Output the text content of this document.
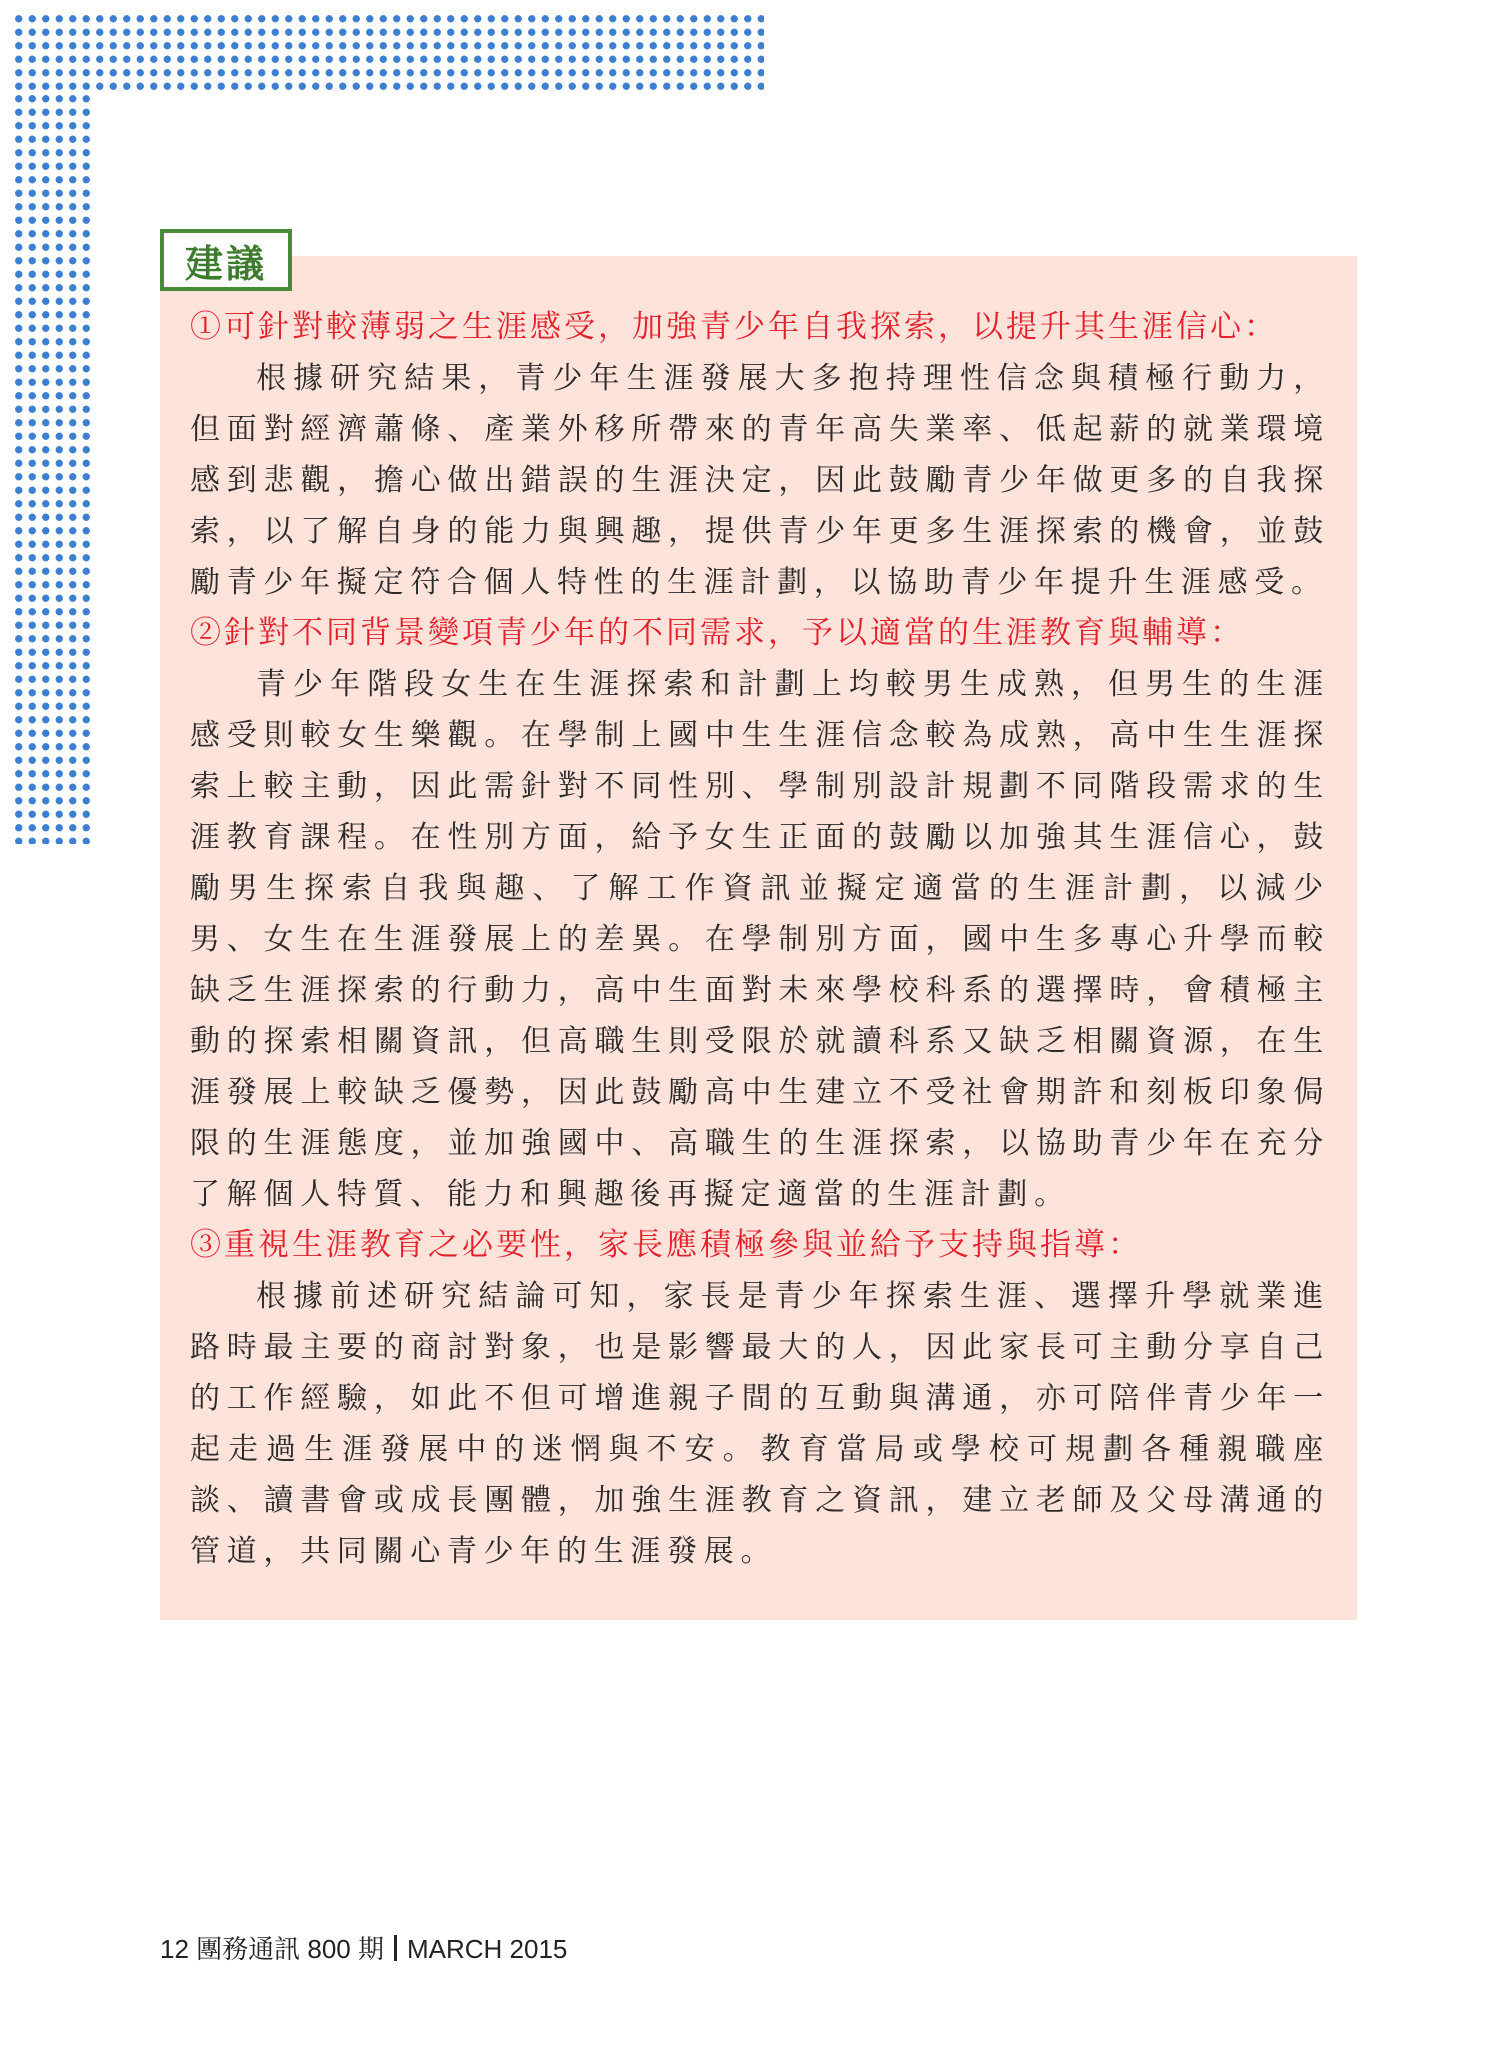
建議
①可針對較薄弱之生涯感受，加強青少年自我探索，以提升其生涯信心：
根據研究結果，青少年生涯發展大多抱持理性信念與積極行動力，但面對經濟蕭條、產業外移所帶來的青年高失業率、低起薪的就業環境感到悲觀，擔心做出錯誤的生涯決定，因此鼓勵青少年做更多的自我探索，以了解自身的能力與興趣，提供青少年更多生涯探索的機會，並鼓勵青少年擬定符合個人特性的生涯計劃，以協助青少年提升生涯感受。
②針對不同背景變項青少年的不同需求，予以適當的生涯教育與輔導：
青少年階段女生在生涯探索和計劃上均較男生成熟，但男生的生涯感受則較女生樂觀。在學制上國中生生涯信念較為成熟，高中生生涯探索上較主動，因此需針對不同性別、學制別設計規劃不同階段需求的生涯教育課程。在性別方面，給予女生正面的鼓勵以加強其生涯信心，鼓勵男生探索自我與趣、了解工作資訊並擬定適當的生涯計劃，以減少男、女生在生涯發展上的差異。在學制別方面，國中生多專心升學而較缺乏生涯探索的行動力，高中生面對未來學校科系的選擇時，會積極主動的探索相關資訊，但高職生則受限於就讀科系又缺乏相關資源，在生涯發展上較缺乏優勢，因此鼓勵高中生建立不受社會期許和刻板印象侷限的生涯態度，並加強國中、高職生的生涯探索，以協助青少年在充分了解個人特質、能力和興趣後再擬定適當的生涯計劃。
③重視生涯教育之必要性，家長應積極參與並給予支持與指導：
根據前述研究結論可知，家長是青少年探索生涯、選擇升學就業進路時最主要的商討對象，也是影響最大的人，因此家長可主動分享自己的工作經驗，如此不但可增進親子間的互動與溝通，亦可陪伴青少年一起走過生涯發展中的迷惘與不安。教育當局或學校可規劃各種親職座談、讀書會或成長團體，加強生涯教育之資訊，建立老師及父母溝通的管道，共同關心青少年的生涯發展。
12 團務通訊 800 期 MARCH 2015
